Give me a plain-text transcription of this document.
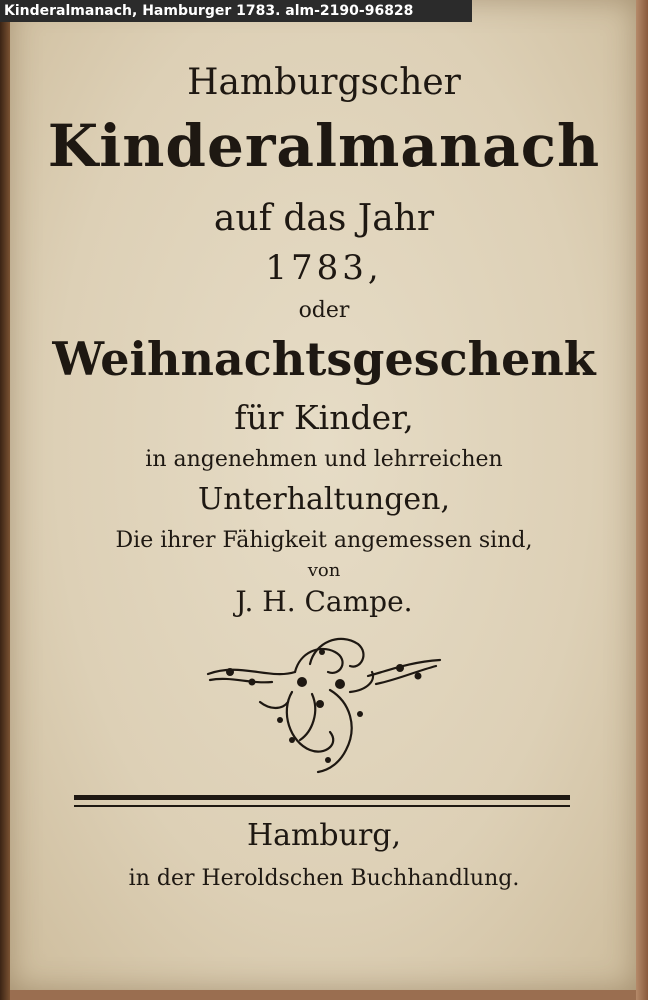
Kinderalmanach, Hamburger 1783. alm-2190-96828
Hamburgscher
Kinderalmanach
auf das Jahr
1783,
oder
Weihnachtsgeschenk
für Kinder,
in angenehmen und lehrreichen
Unterhaltungen,
Die ihrer Fähigkeit angemessen sind,
von
J. H. Campe.
Hamburg,
in der Heroldschen Buchhandlung.
